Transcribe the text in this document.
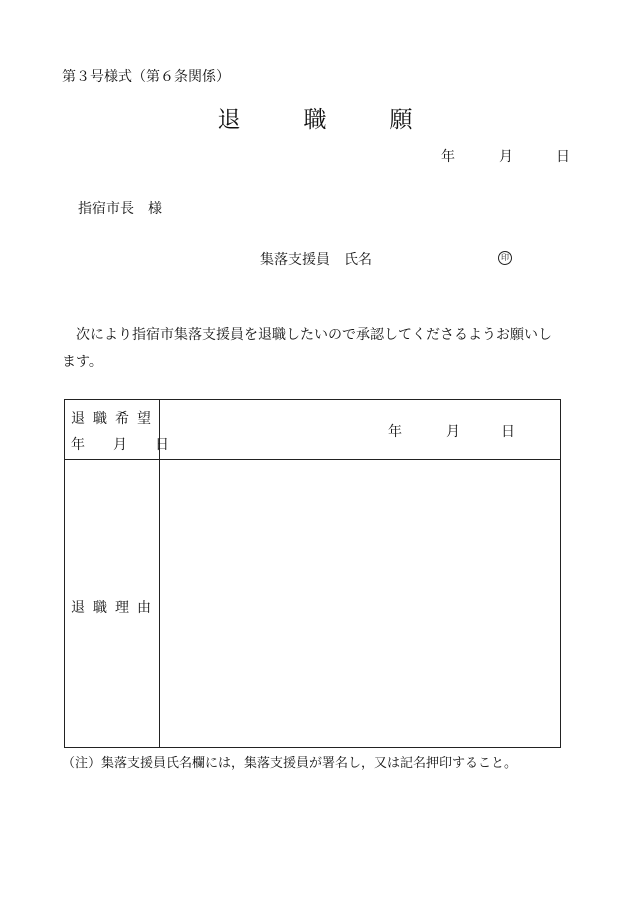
第３号様式（第６条関係）
退　職　願
年	月	日
指宿市長　様
集落支援員　氏名	印
次により指宿市集落支援員を退職したいので承認してくださるようお願いします。
退職希望
年　　月　　日
年	月	日
退職理由
（注）集落支援員氏名欄には，集落支援員が署名し，又は記名押印すること。
